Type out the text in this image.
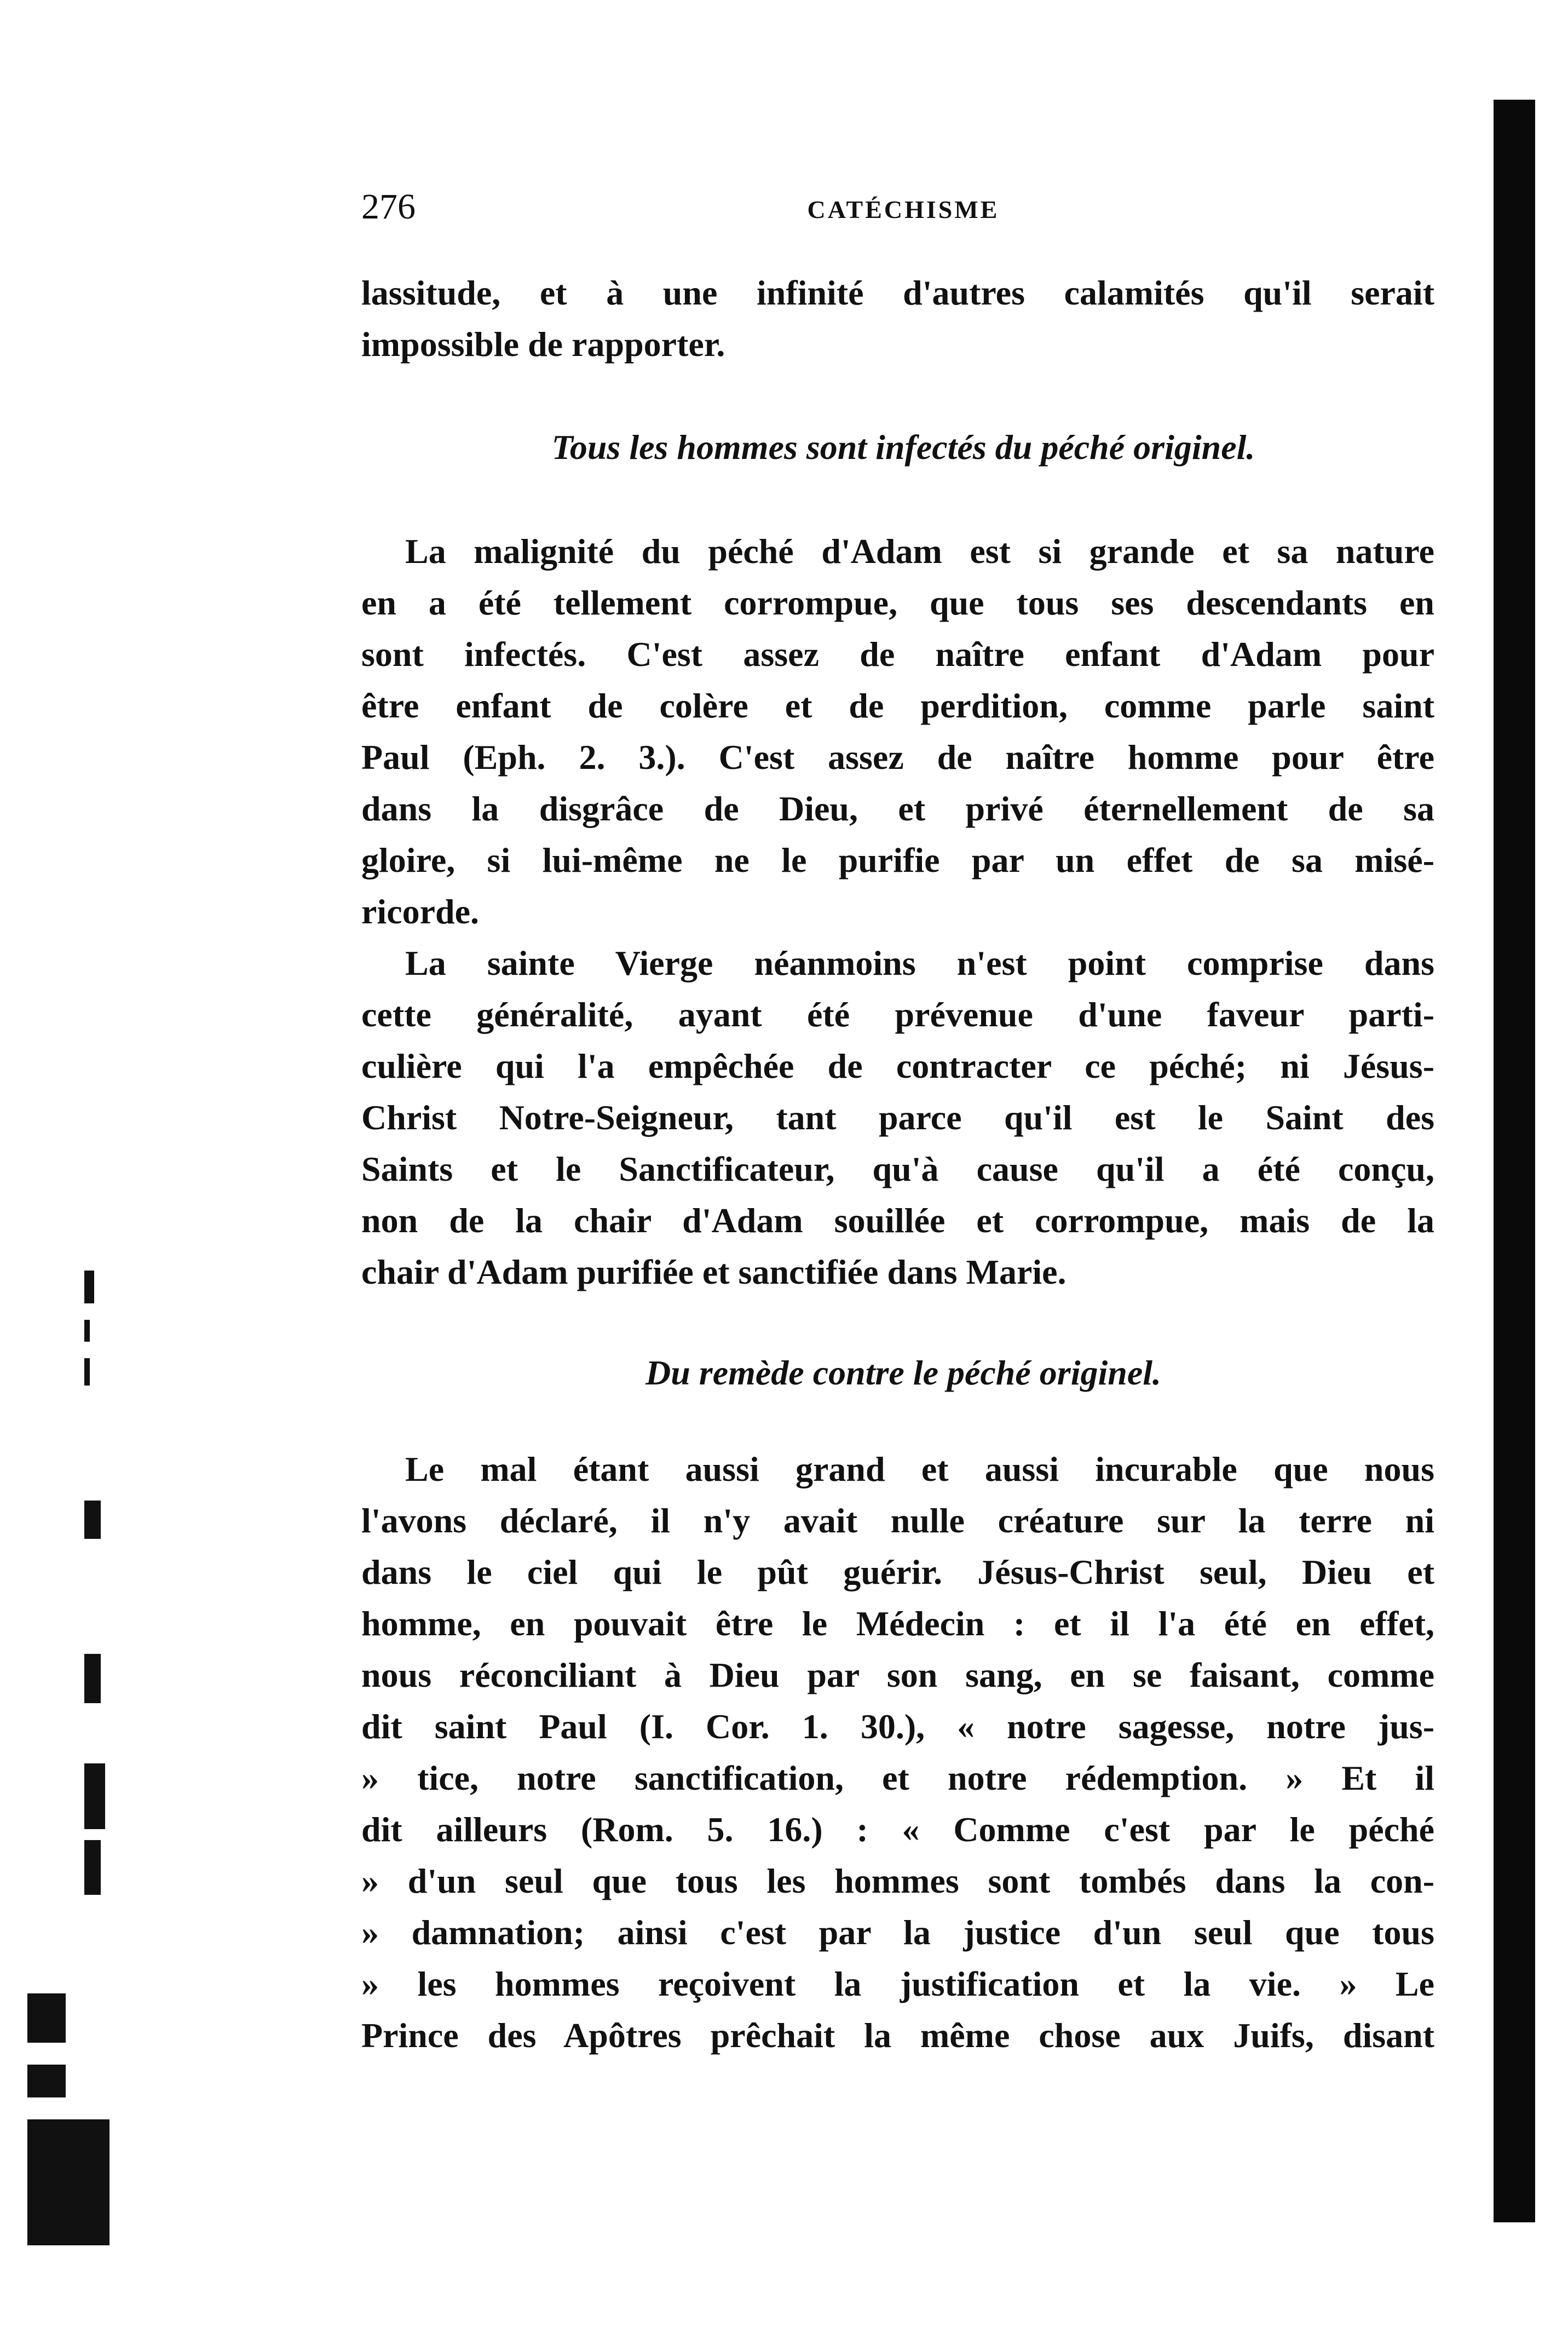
276	CATÉCHISME
lassitude, et à une infinité d'autres calamités qu'il serait
impossible de rapporter.
Tous les hommes sont infectés du péché originel.
La malignité du péché d'Adam est si grande et sa nature
en a été tellement corrompue, que tous ses descendants en
sont infectés. C'est assez de naître enfant d'Adam pour
être enfant de colère et de perdition, comme parle saint
Paul (Eph. 2. 3.). C'est assez de naître homme pour être
dans la disgrâce de Dieu, et privé éternellement de sa
gloire, si lui-même ne le purifie par un effet de sa misé-
ricorde.
La sainte Vierge néanmoins n'est point comprise dans
cette généralité, ayant été prévenue d'une faveur parti-
culière qui l'a empêchée de contracter ce péché; ni Jésus-
Christ Notre-Seigneur, tant parce qu'il est le Saint des
Saints et le Sanctificateur, qu'à cause qu'il a été conçu,
non de la chair d'Adam souillée et corrompue, mais de la
chair d'Adam purifiée et sanctifiée dans Marie.
Du remède contre le péché originel.
Le mal étant aussi grand et aussi incurable que nous
l'avons déclaré, il n'y avait nulle créature sur la terre ni
dans le ciel qui le pût guérir. Jésus-Christ seul, Dieu et
homme, en pouvait être le Médecin : et il l'a été en effet,
nous réconciliant à Dieu par son sang, en se faisant, comme
dit saint Paul (I. Cor. 1. 30.), « notre sagesse, notre jus-
» tice, notre sanctification, et notre rédemption. » Et il
dit ailleurs (Rom. 5. 16.) : « Comme c'est par le péché
» d'un seul que tous les hommes sont tombés dans la con-
» damnation; ainsi c'est par la justice d'un seul que tous
» les hommes reçoivent la justification et la vie. » Le
Prince des Apôtres prêchait la même chose aux Juifs, disant
